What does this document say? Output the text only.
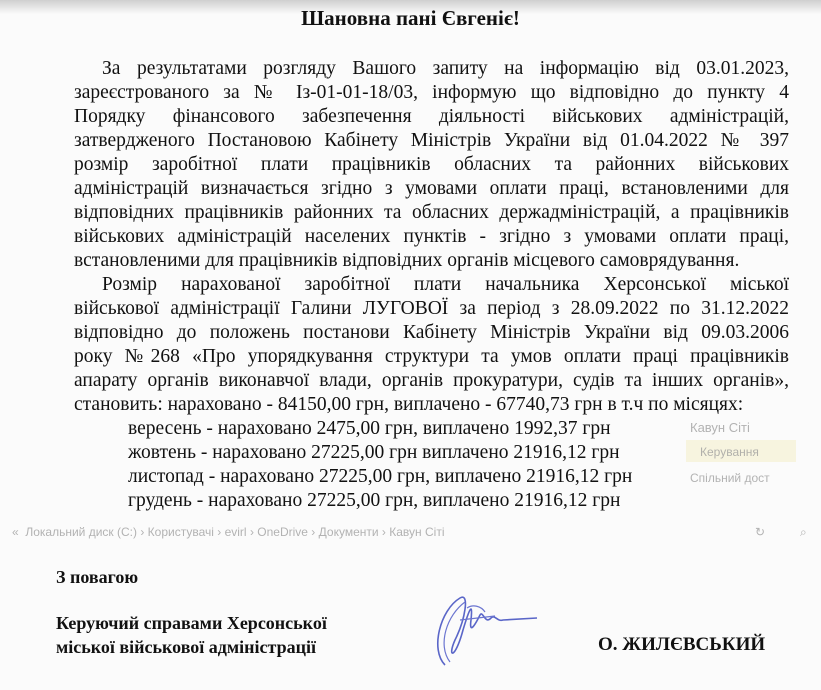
Шановна пані Євгеніє!
За результатами розгляду Вашого запиту на інформацію від 03.01.2023,
зареєстрованого за № Із-01-01-18/03, інформую що відповідно до пункту 4
Порядку фінансового забезпечення діяльності військових адміністрацій,
затвердженого Постановою Кабінету Міністрів України від 01.04.2022 № 397
розмір заробітної плати працівників обласних та районних військових
адміністрацій визначається згідно з умовами оплати праці, встановленими для
відповідних працівників районних та обласних держадміністрацій, а працівників
військових адміністрацій населених пунктів - згідно з умовами оплати праці,
встановленими для працівників відповідних органів місцевого самоврядування.
Розмір нарахованої заробітної плати начальника Херсонської міської
військової адміністрації Галини ЛУГОВОЇ за період з 28.09.2022 по 31.12.2022
відповідно до положень постанови Кабінету Міністрів України від 09.03.2006
року №268 «Про упорядкування структури та умов оплати праці працівників
апарату органів виконавчої влади, органів прокуратури, судів та інших органів»,
становить: нараховано - 84150,00 грн, виплачено - 67740,73 грн в т.ч по місяцях:
вересень - нараховано 2475,00 грн, виплачено 1992,37 грн
жовтень - нараховано 27225,00 грн виплачено 21916,12 грн
листопад - нараховано 27225,00 грн, виплачено 21916,12 грн
грудень - нараховано 27225,00 грн, виплачено 21916,12 грн
Кавун Сіті
Керування
Спільний дост
« Локальний диск (C:) › Користувачі › evirl › OneDrive › Документи › Кавун Сіті	↻	⌕
З повагою
Керуючий справами Херсонської
міської військової адміністрації	О. ЖИЛЄВСЬКИЙ
